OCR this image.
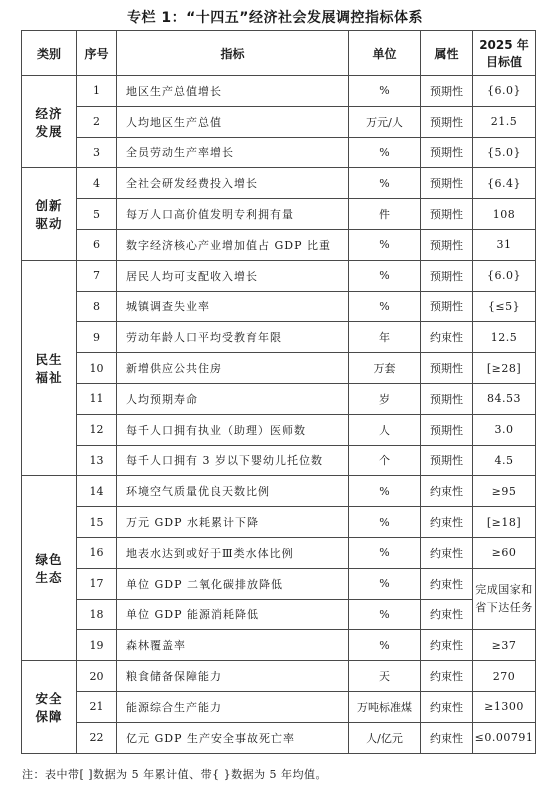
专栏 1：“十四五”经济社会发展调控指标体系
类别	序号	指标	单位	属性	2025 年
目标值

经济
发展	1	地区生产总值增长	%	预期性	{6.0}
	2	人均地区生产总值	万元/人	预期性	21.5
	3	全员劳动生产率增长	%	预期性	{5.0}
创新
驱动	4	全社会研发经费投入增长	%	预期性	{6.4}
	5	每万人口高价值发明专利拥有量	件	预期性	108
	6	数字经济核心产业增加值占 GDP 比重	%	预期性	31
民生
福祉	7	居民人均可支配收入增长	%	预期性	{6.0}
	8	城镇调查失业率	%	预期性	{≤5}
	9	劳动年龄人口平均受教育年限	年	约束性	12.5
	10	新增供应公共住房	万套	预期性	[≥28]
	11	人均预期寿命	岁	预期性	84.53
	12	每千人口拥有执业（助理）医师数	人	预期性	3.0
	13	每千人口拥有 3 岁以下婴幼儿托位数	个	预期性	4.5
绿色
生态	14	环境空气质量优良天数比例	%	约束性	≥95
	15	万元 GDP 水耗累计下降	%	约束性	[≥18]
	16	地表水达到或好于Ⅲ类水体比例	%	约束性	≥60
	17	单位 GDP 二氧化碳排放降低	%	约束性	完成国家和
省下达任务
	18	单位 GDP 能源消耗降低	%	约束性	
	19	森林覆盖率	%	约束性	≥37
安全
保障	20	粮食储备保障能力	天	约束性	270
	21	能源综合生产能力	万吨标准煤	约束性	≥1300
	22	亿元 GDP 生产安全事故死亡率	人/亿元	约束性	≤0.00791
注：表中带[ ]数据为 5 年累计值、带{ }数据为 5 年均值。
